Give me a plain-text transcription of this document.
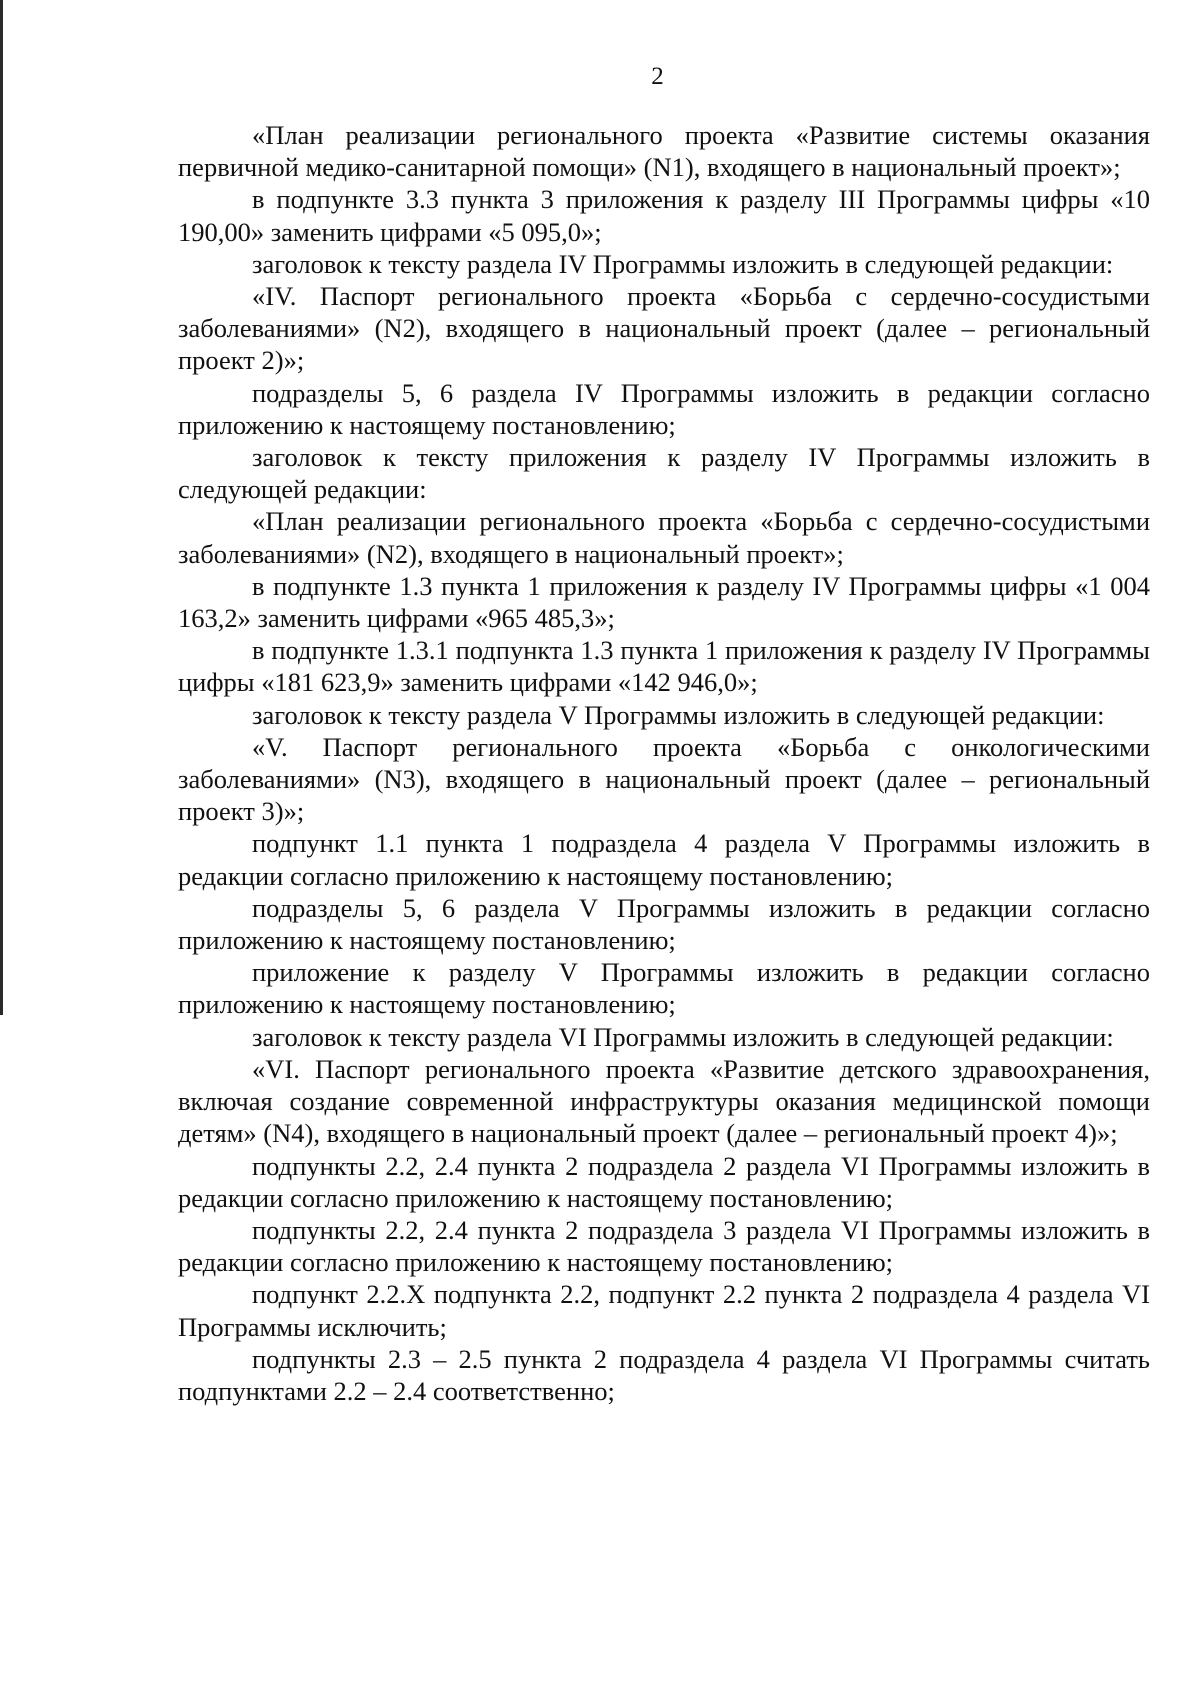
2

«План реализации регионального проекта «Развитие системы оказания первичной медико-санитарной помощи» (N1), входящего в национальный проект»;

в подпункте 3.3 пункта 3 приложения к разделу III Программы цифры «10 190,00» заменить цифрами «5 095,0»;

заголовок к тексту раздела IV Программы изложить в следующей редакции:

«IV. Паспорт регионального проекта «Борьба с сердечно-сосудистыми заболеваниями» (N2), входящего в национальный проект (далее – региональный проект 2)»;

подразделы 5, 6 раздела IV Программы изложить в редакции согласно приложению к настоящему постановлению;

заголовок к тексту приложения к разделу IV Программы изложить в следующей редакции:

«План реализации регионального проекта «Борьба с сердечно-сосудистыми заболеваниями» (N2), входящего в национальный проект»;

в подпункте 1.3 пункта 1 приложения к разделу IV Программы цифры «1 004 163,2» заменить цифрами «965 485,3»;

в подпункте 1.3.1 подпункта 1.3 пункта 1 приложения к разделу IV Программы цифры «181 623,9» заменить цифрами «142 946,0»;

заголовок к тексту раздела V Программы изложить в следующей редакции:

«V. Паспорт регионального проекта «Борьба с онкологическими заболеваниями» (N3), входящего в национальный проект (далее – региональный проект 3)»;

подпункт 1.1 пункта 1 подраздела 4 раздела V Программы изложить в редакции согласно приложению к настоящему постановлению;

подразделы 5, 6 раздела V Программы изложить в редакции согласно приложению к настоящему постановлению;

приложение к разделу V Программы изложить в редакции согласно приложению к настоящему постановлению;

заголовок к тексту раздела VI Программы изложить в следующей редакции:

«VI. Паспорт регионального проекта «Развитие детского здравоохранения, включая создание современной инфраструктуры оказания медицинской помощи детям» (N4), входящего в национальный проект (далее – региональный проект 4)»;

подпункты 2.2, 2.4 пункта 2 подраздела 2 раздела VI Программы изложить в редакции согласно приложению к настоящему постановлению;

подпункты 2.2, 2.4 пункта 2 подраздела 3 раздела VI Программы изложить в редакции согласно приложению к настоящему постановлению;

подпункт 2.2.X подпункта 2.2, подпункт 2.2 пункта 2 подраздела 4 раздела VI Программы исключить;

подпункты 2.3 – 2.5 пункта 2 подраздела 4 раздела VI Программы считать подпунктами 2.2 – 2.4 соответственно;
